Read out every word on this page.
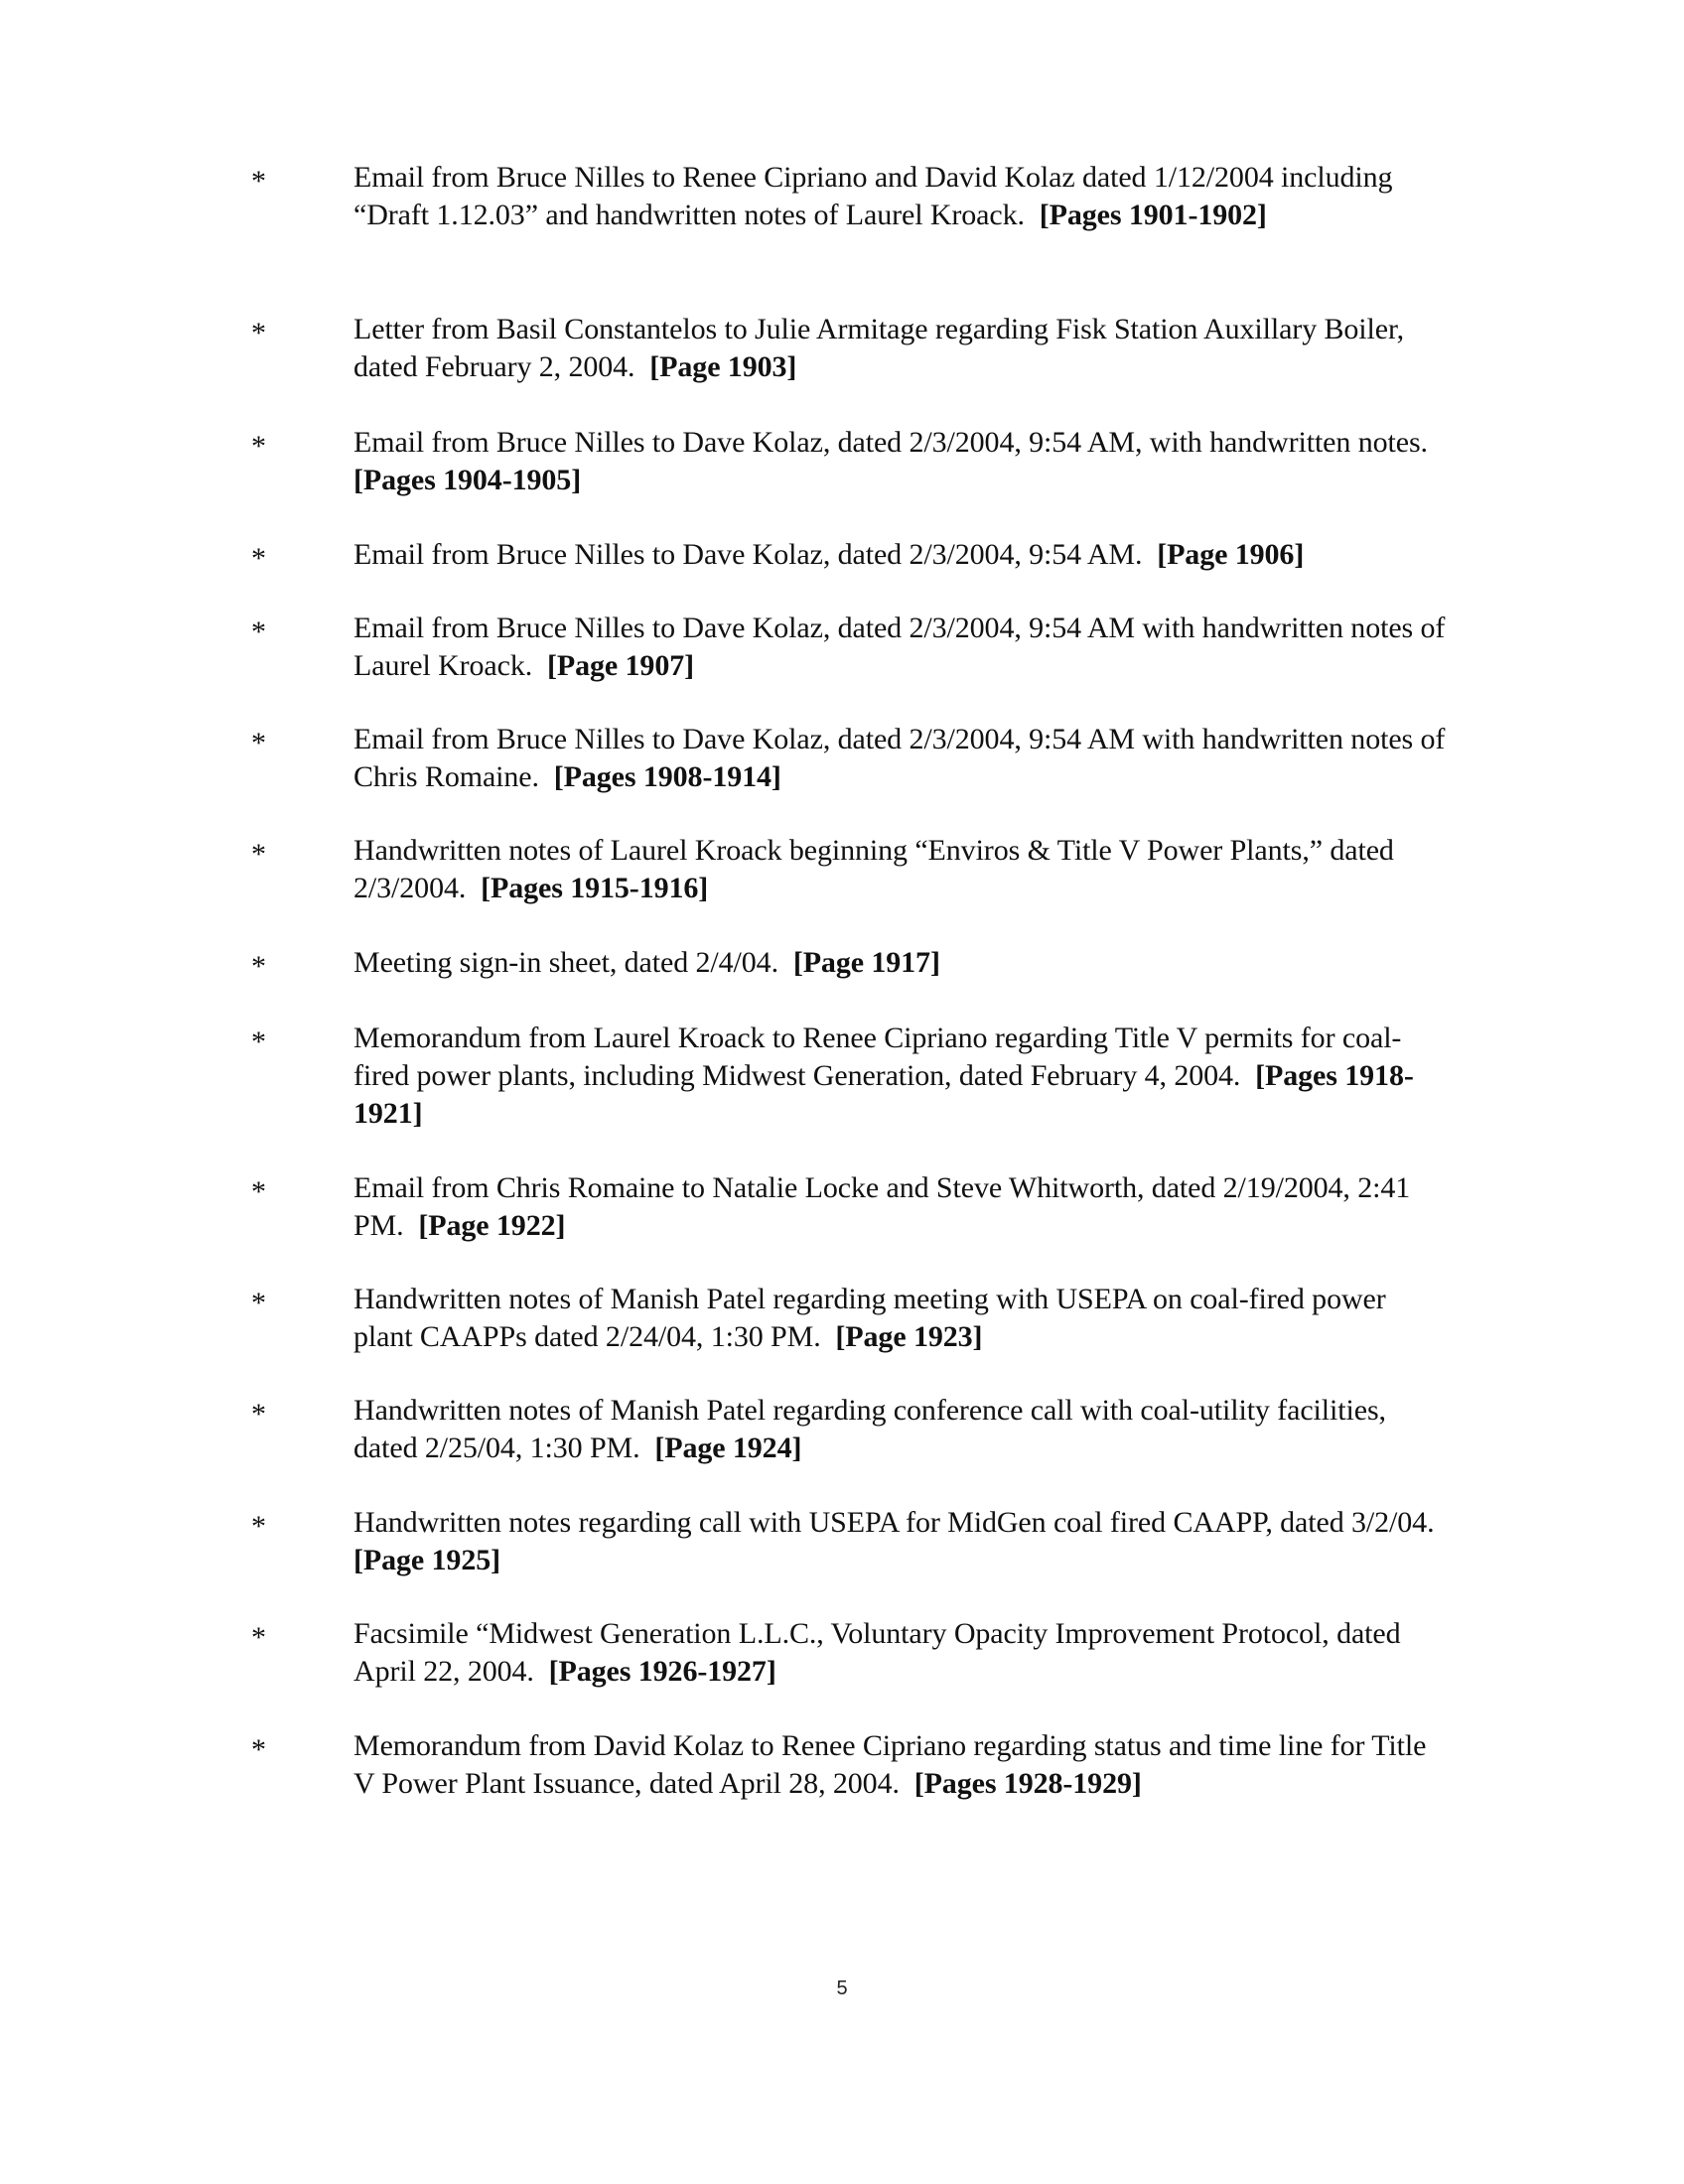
*	Email from Bruce Nilles to Renee Cipriano and David Kolaz dated 1/12/2004 including “Draft 1.12.03” and handwritten notes of Laurel Kroack. [Pages 1901-1902]
*	Letter from Basil Constantelos to Julie Armitage regarding Fisk Station Auxillary Boiler, dated February 2, 2004. [Page 1903]
*	Email from Bruce Nilles to Dave Kolaz, dated 2/3/2004, 9:54 AM, with handwritten notes.  [Pages 1904-1905]
*	Email from Bruce Nilles to Dave Kolaz, dated 2/3/2004, 9:54 AM. [Page 1906]
*	Email from Bruce Nilles to Dave Kolaz, dated 2/3/2004, 9:54 AM with handwritten notes of Laurel Kroack. [Page 1907]
*	Email from Bruce Nilles to Dave Kolaz, dated 2/3/2004, 9:54 AM with handwritten notes of Chris Romaine. [Pages 1908-1914]
*	Handwritten notes of Laurel Kroack beginning “Enviros & Title V Power Plants,” dated 2/3/2004. [Pages 1915-1916]
*	Meeting sign-in sheet, dated 2/4/04. [Page 1917]
*	Memorandum from Laurel Kroack to Renee Cipriano regarding Title V permits for coal-fired power plants, including Midwest Generation, dated February 4, 2004. [Pages 1918-1921]
*	Email from Chris Romaine to Natalie Locke and Steve Whitworth, dated 2/19/2004, 2:41 PM. [Page 1922]
*	Handwritten notes of Manish Patel regarding meeting with USEPA on coal-fired power plant CAAPPs dated 2/24/04, 1:30 PM. [Page 1923]
*	Handwritten notes of Manish Patel regarding conference call with coal-utility facilities, dated 2/25/04, 1:30 PM. [Page 1924]
*	Handwritten notes regarding call with USEPA for MidGen coal fired CAAPP, dated 3/2/04.  [Page 1925]
*	Facsimile “Midwest Generation L.L.C., Voluntary Opacity Improvement Protocol, dated April 22, 2004. [Pages 1926-1927]
*	Memorandum from David Kolaz to Renee Cipriano regarding status and time line for Title V Power Plant Issuance, dated April 28, 2004. [Pages 1928-1929]
5
